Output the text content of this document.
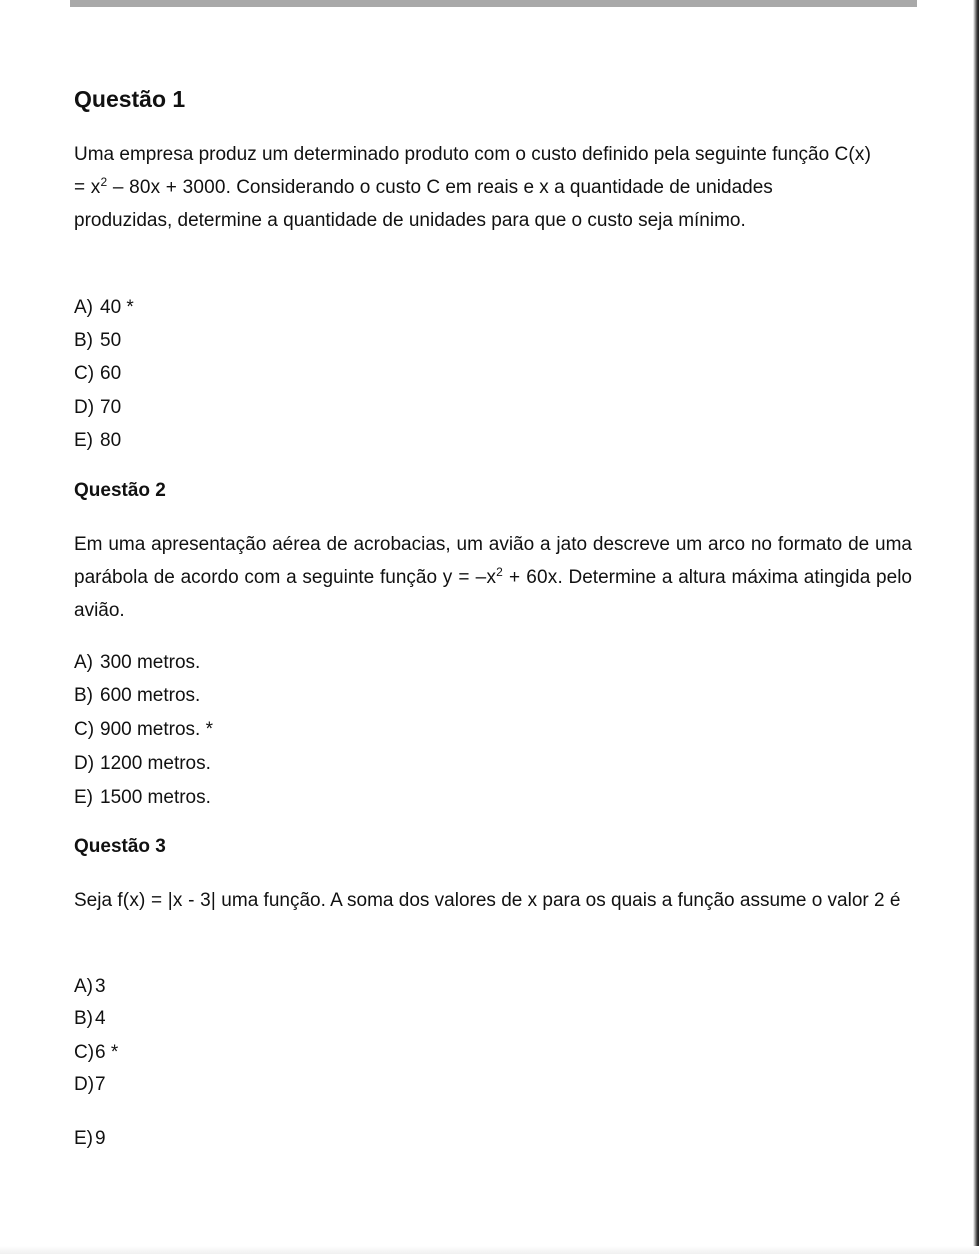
Questão 1

Uma empresa produz um determinado produto com o custo definido pela seguinte função $C(x) = x^2 - 80x + 3000$. Considerando o custo C em reais e x a quantidade de unidades produzidas, determine a quantidade de unidades para que o custo seja mínimo.

A) 40 *
B) 50
C) 60
D) 70
E) 80
Questão 2

Em uma apresentação aérea de acrobacias, um avião a jato descreve um arco no formato de uma parábola de acordo com a seguinte função $y = -x^2 + 60x$. Determine a altura máxima atingida pelo avião.

A) 300 metros.
B) 600 metros.
C) 900 metros. *
D) 1200 metros.
E) 1500 metros.
Questão 3

Seja f(x) = |x - 3| uma função. A soma dos valores de x para os quais a função assume o valor 2 é

A) 3
B) 4
C)6 *
D)7
E) 9
